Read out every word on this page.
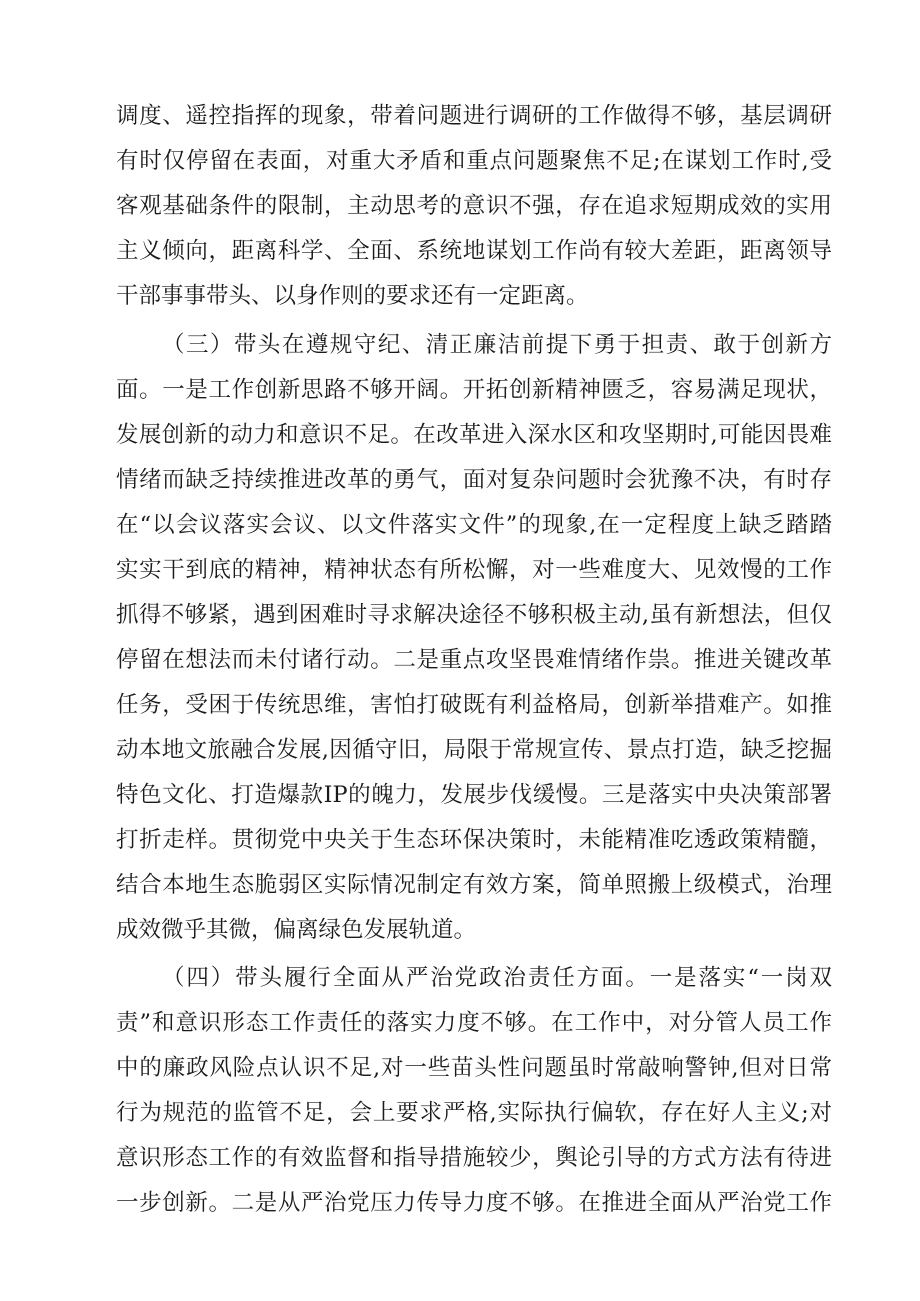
调度、遥控指挥的现象，带着问题进行调研的工作做得不够，基层调研
有时仅停留在表面，对重大矛盾和重点问题聚焦不足;在谋划工作时,受
客观基础条件的限制，主动思考的意识不强，存在追求短期成效的实用
主义倾向，距离科学、全面、系统地谋划工作尚有较大差距，距离领导
干部事事带头、以身作则的要求还有一定距离。
（三）带头在遵规守纪、清正廉洁前提下勇于担责、敢于创新方
面。一是工作创新思路不够开阔。开拓创新精神匮乏，容易满足现状，
发展创新的动力和意识不足。在改革进入深水区和攻坚期时,可能因畏难
情绪而缺乏持续推进改革的勇气，面对复杂问题时会犹豫不决，有时存
在“以会议落实会议、以文件落实文件”的现象,在一定程度上缺乏踏踏
实实干到底的精神，精神状态有所松懈，对一些难度大、见效慢的工作
抓得不够紧，遇到困难时寻求解决途径不够积极主动,虽有新想法，但仅
停留在想法而未付诸行动。二是重点攻坚畏难情绪作祟。推进关键改革
任务，受困于传统思维，害怕打破既有利益格局，创新举措难产。如推
动本地文旅融合发展,因循守旧，局限于常规宣传、景点打造，缺乏挖掘
特色文化、打造爆款IP的魄力，发展步伐缓慢。三是落实中央决策部署
打折走样。贯彻党中央关于生态环保决策时，未能精准吃透政策精髓，
结合本地生态脆弱区实际情况制定有效方案，简单照搬上级模式，治理
成效微乎其微，偏离绿色发展轨道。
（四）带头履行全面从严治党政治责任方面。一是落实“一岗双
责”和意识形态工作责任的落实力度不够。在工作中，对分管人员工作
中的廉政风险点认识不足,对一些苗头性问题虽时常敲响警钟,但对日常
行为规范的监管不足，会上要求严格,实际执行偏软，存在好人主义;对
意识形态工作的有效监督和指导措施较少，舆论引导的方式方法有待进
一步创新。二是从严治党压力传导力度不够。在推进全面从严治党工作
